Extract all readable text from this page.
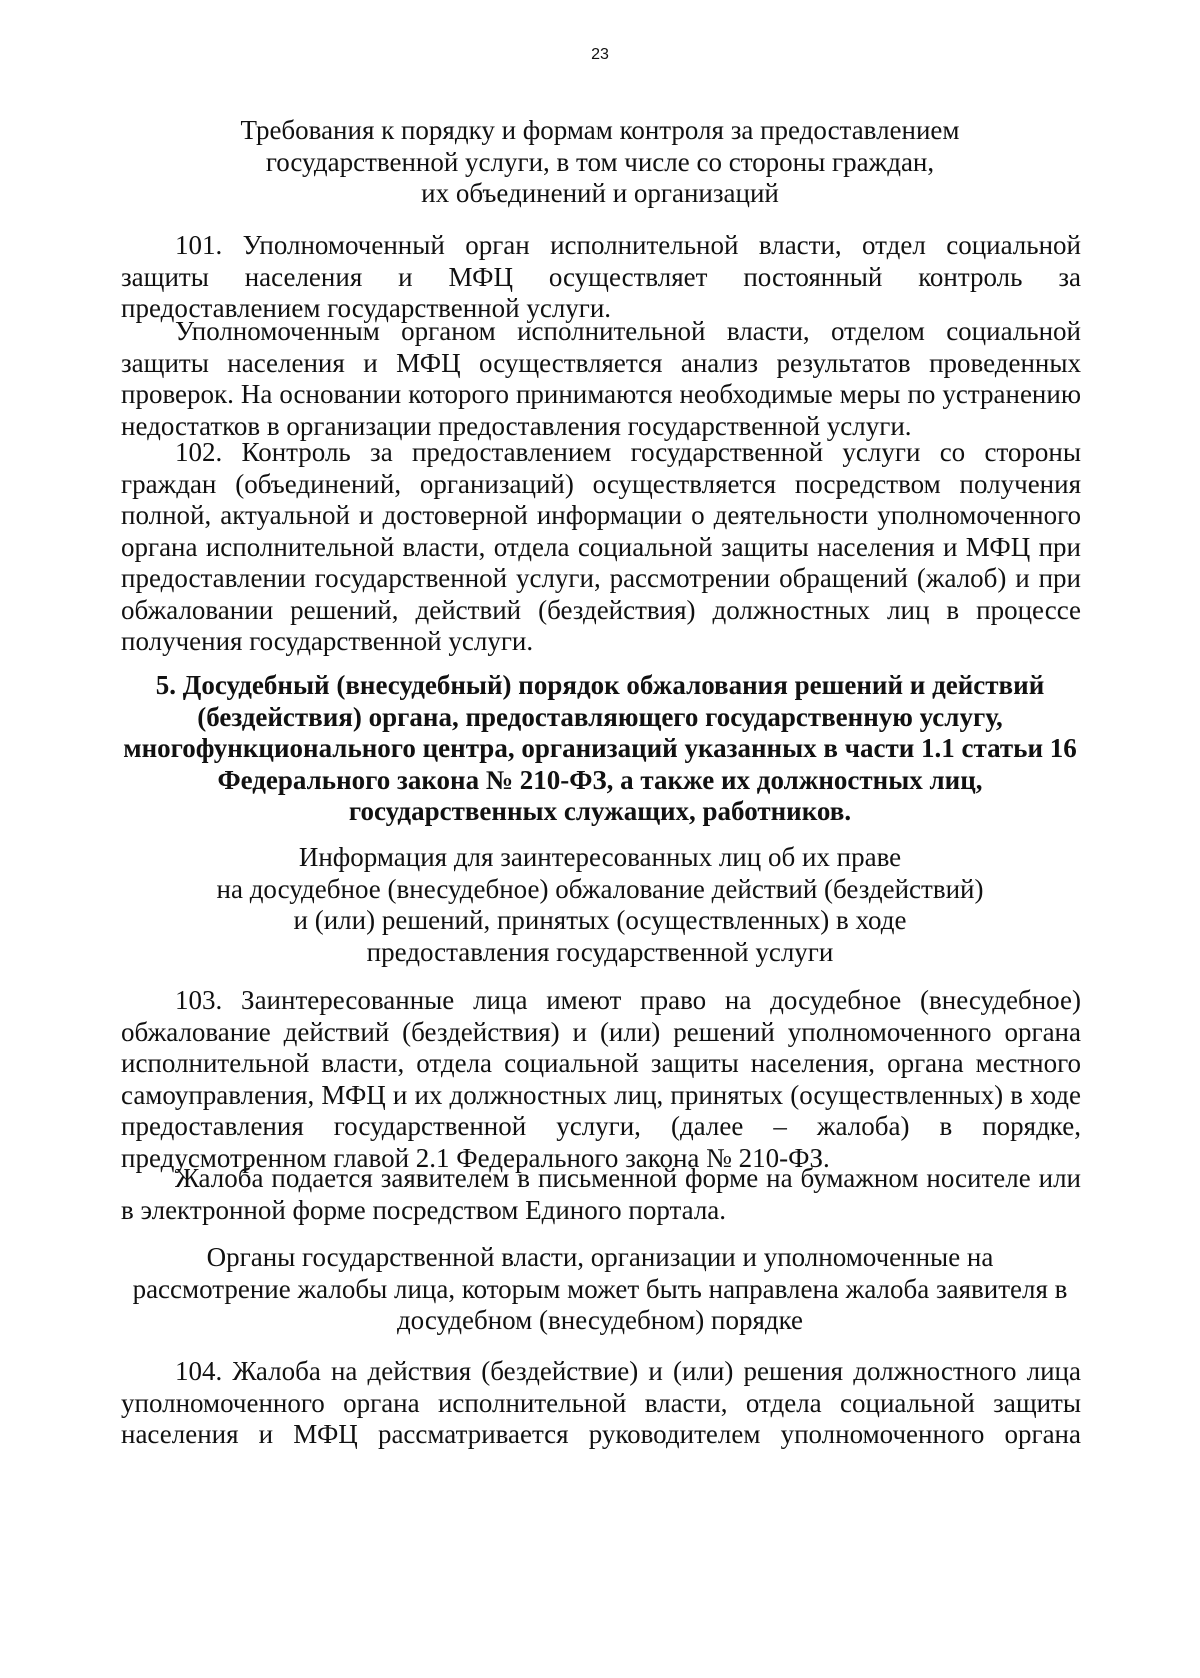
23
Требования к порядку и формам контроля за предоставлением
государственной услуги, в том числе со стороны граждан,
их объединений и организаций

101. Уполномоченный орган исполнительной власти, отдел социальной защиты населения и МФЦ осуществляет постоянный контроль за предоставлением государственной услуги.

Уполномоченным органом исполнительной власти, отделом социальной защиты населения и МФЦ осуществляется анализ результатов проведенных проверок. На основании которого принимаются необходимые меры по устранению недостатков в организации предоставления государственной услуги.

102. Контроль за предоставлением государственной услуги со стороны граждан (объединений, организаций) осуществляется посредством получения полной, актуальной и достоверной информации о деятельности уполномоченного органа исполнительной власти, отдела социальной защиты населения и МФЦ при предоставлении государственной услуги, рассмотрении обращений (жалоб) и при обжаловании решений, действий (бездействия) должностных лиц в процессе получения государственной услуги.

5. Досудебный (внесудебный) порядок обжалования решений и действий
(бездействия) органа, предоставляющего государственную услугу,
многофункционального центра, организаций указанных в части 1.1 статьи 16
Федерального закона № 210-ФЗ, а также их должностных лиц,
государственных служащих, работников.
Информация для заинтересованных лиц об их праве
на досудебное (внесудебное) обжалование действий (бездействий)
и (или) решений, принятых (осуществленных) в ходе
предоставления государственной услуги

103. Заинтересованные лица имеют право на досудебное (внесудебное) обжалование действий (бездействия) и (или) решений уполномоченного органа исполнительной власти, отдела социальной защиты населения, органа местного самоуправления, МФЦ и их должностных лиц, принятых (осуществленных) в ходе предоставления государственной услуги, (далее – жалоба) в порядке, предусмотренном главой 2.1 Федерального закона № 210-ФЗ.

Жалоба подается заявителем в письменной форме на бумажном носителе или в электронной форме посредством Единого портала.

Органы государственной власти, организации и уполномоченные на
рассмотрение жалобы лица, которым может быть направлена жалоба заявителя в
досудебном (внесудебном) порядке

104. Жалоба на действия (бездействие) и (или) решения должностного лица уполномоченного органа исполнительной власти, отдела социальной защиты населения и МФЦ рассматривается руководителем уполномоченного органа
